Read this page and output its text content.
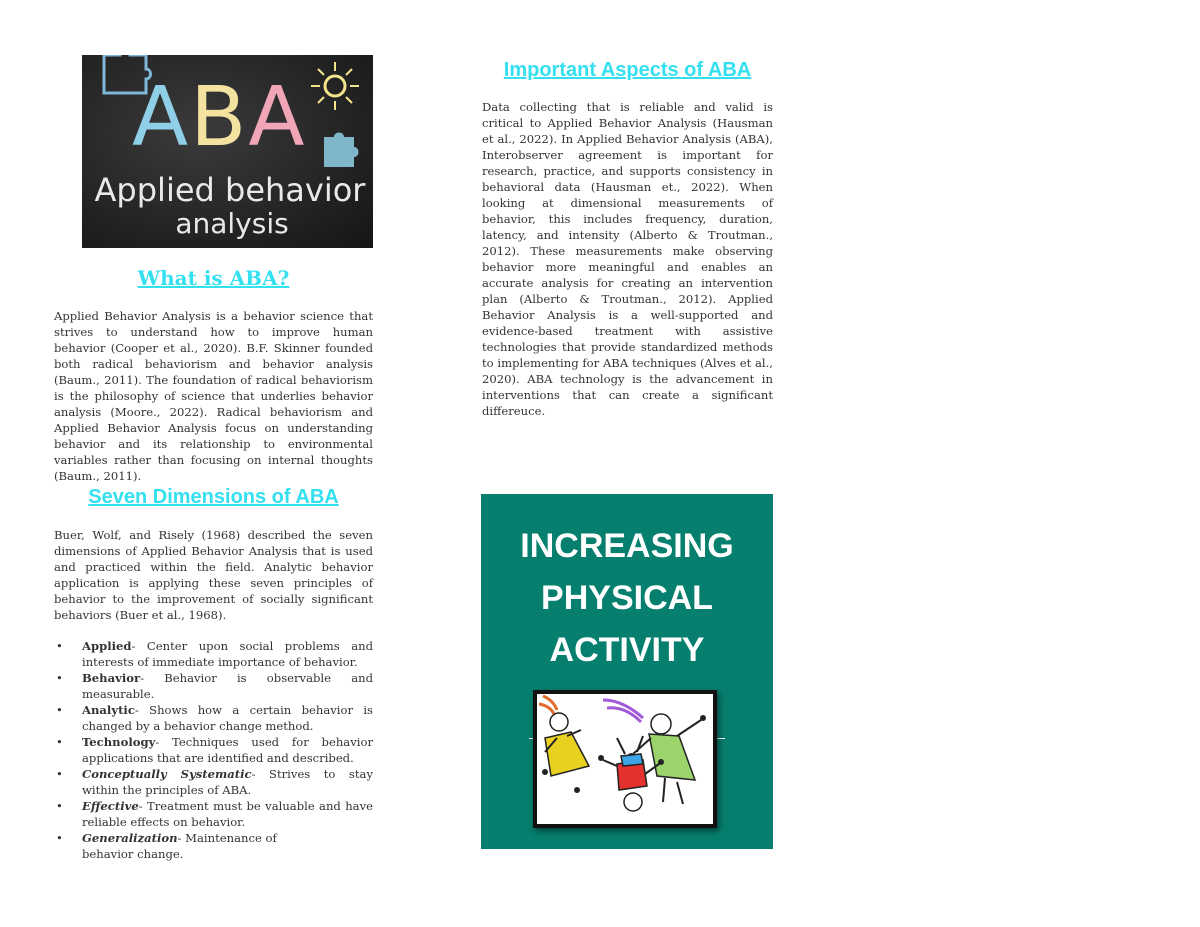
ABA
Applied behavior
analysis
What is ABA?

Applied Behavior Analysis is a behavior science that strives to understand how to improve human behavior (Cooper et al., 2020). B.F. Skinner founded both radical behaviorism and behavior analysis (Baum., 2011). The foundation of radical behaviorism is the philosophy of science that underlies behavior analysis (Moore., 2022). Radical behaviorism and Applied Behavior Analysis focus on understanding behavior and its relationship to environmental variables rather than focusing on internal thoughts (Baum., 2011).

Seven Dimensions of ABA

Buer, Wolf, and Risely (1968) described the seven dimensions of Applied Behavior Analysis that is used and practiced within the field. Analytic behavior application is applying these seven principles of behavior to the improvement of socially significant behaviors (Buer et al., 1968).

• Applied- Center upon social problems and interests of immediate importance of behavior.
• Behavior- Behavior is observable and measurable.
• Analytic- Shows how a certain behavior is changed by a behavior change method.
• Technology- Techniques used for behavior applications that are identified and described.
• Conceptually Systematic- Strives to stay within the principles of ABA.
• Effective- Treatment must be valuable and have reliable effects on behavior.
• Generalization- Maintenance of behavior change.
Important Aspects of ABA

Data collecting that is reliable and valid is critical to Applied Behavior Analysis (Hausman et al., 2022). In Applied Behavior Analysis (ABA), Interobserver agreement is important for research, practice, and supports consistency in behavioral data (Hausman et., 2022). When looking at dimensional measurements of behavior, this includes frequency, duration, latency, and intensity (Alberto & Troutman., 2012). These measurements make observing behavior more meaningful and enables an accurate analysis for creating an intervention plan (Alberto & Troutman., 2012). Applied Behavior Analysis is a well-supported and evidence-based treatment with assistive technologies that provide standardized methods to implementing for ABA techniques (Alves et al., 2020). ABA technology is the advancement in interventions that can create a significant differeuce.

INCREASING
PHYSICAL
ACTIVITY
